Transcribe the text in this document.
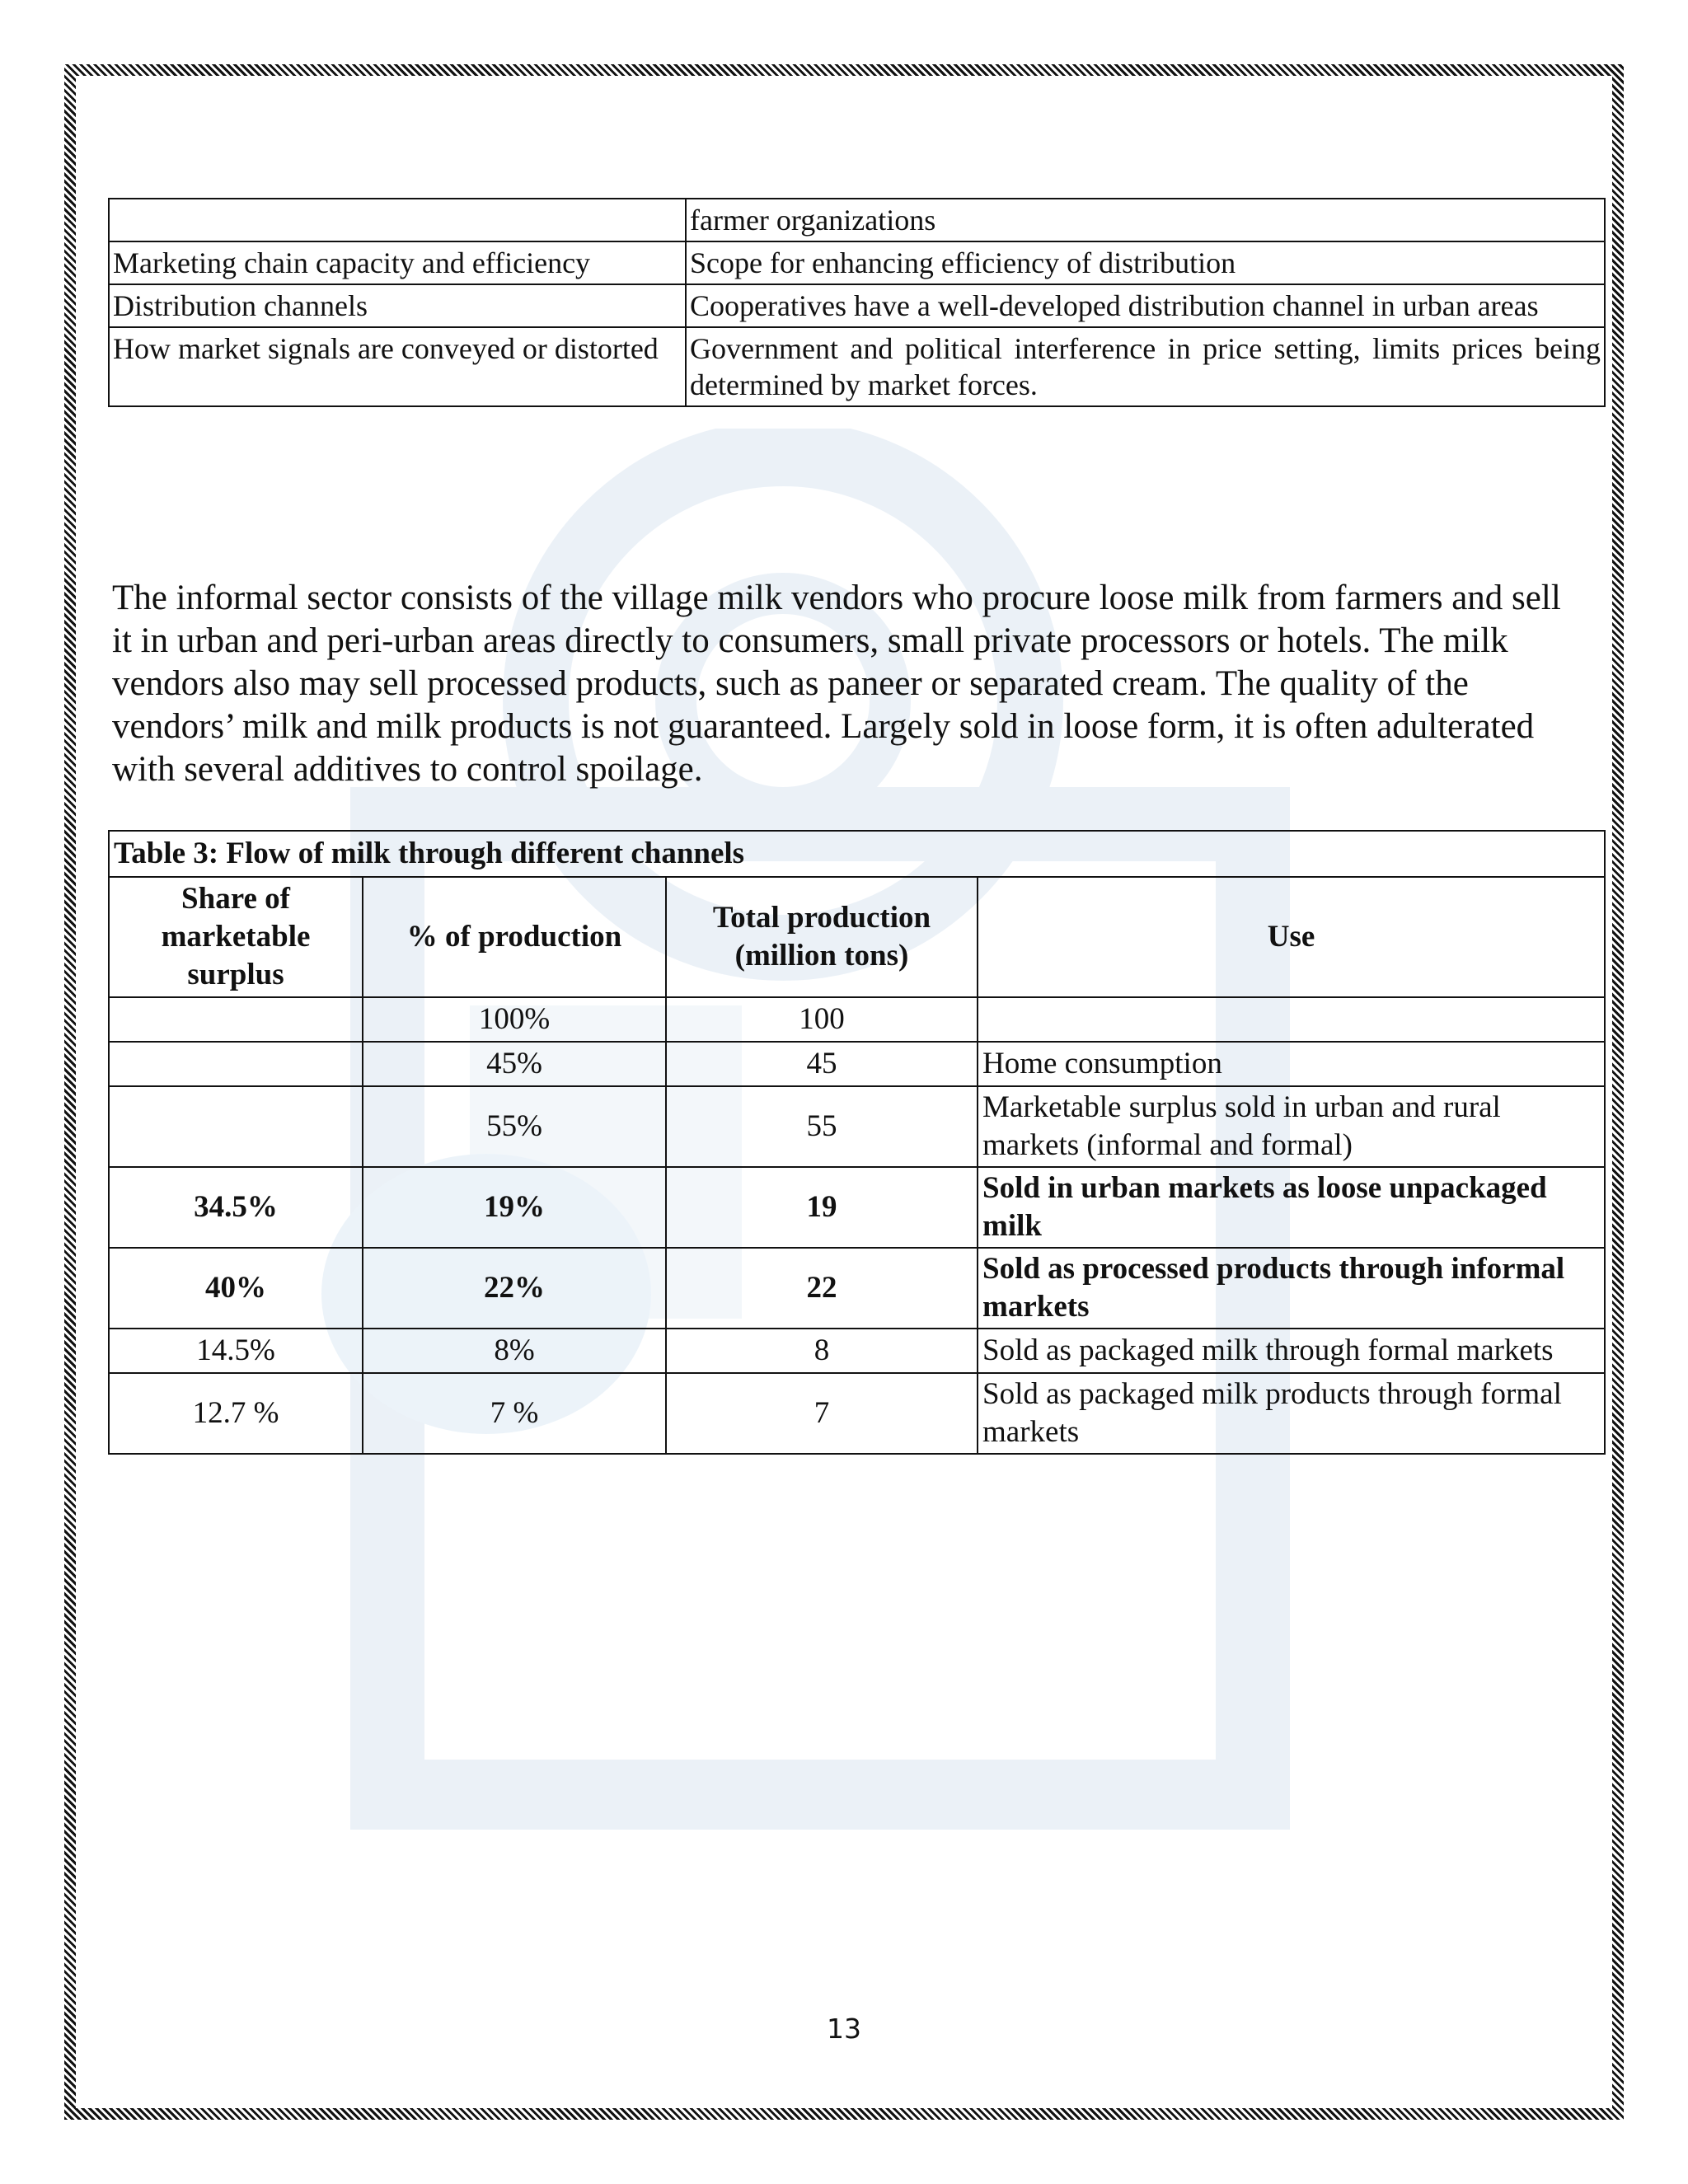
	farmer organizations
Marketing chain capacity and efficiency	Scope for enhancing efficiency of distribution
Distribution channels	Cooperatives have a well-developed distribution channel in urban areas
How market signals are conveyed or distorted	Government and political interference in price setting, limits prices being determined by market forces.

The informal sector consists of the village milk vendors who procure loose milk from farmers and sell it in urban and peri-urban areas directly to consumers, small private processors or hotels. The milk vendors also may sell processed products, such as paneer or separated cream. The quality of the vendors’ milk and milk products is not guaranteed. Largely sold in loose form, it is often adulterated with several additives to control spoilage.

Table 3: Flow of milk through different channels			
Share of marketable surplus	% of production	Total production (million tons)	Use
	100%	100	
	45%	45	Home consumption
	55%	55	Marketable surplus sold in urban and rural markets (informal and formal)
34.5%	19%	19	Sold in urban markets as loose unpackaged milk
40%	22%	22	Sold as processed products through informal markets
14.5%	8%	8	Sold as packaged milk through formal markets
12.7 %	7 %	7	Sold as packaged milk products through formal markets
13
